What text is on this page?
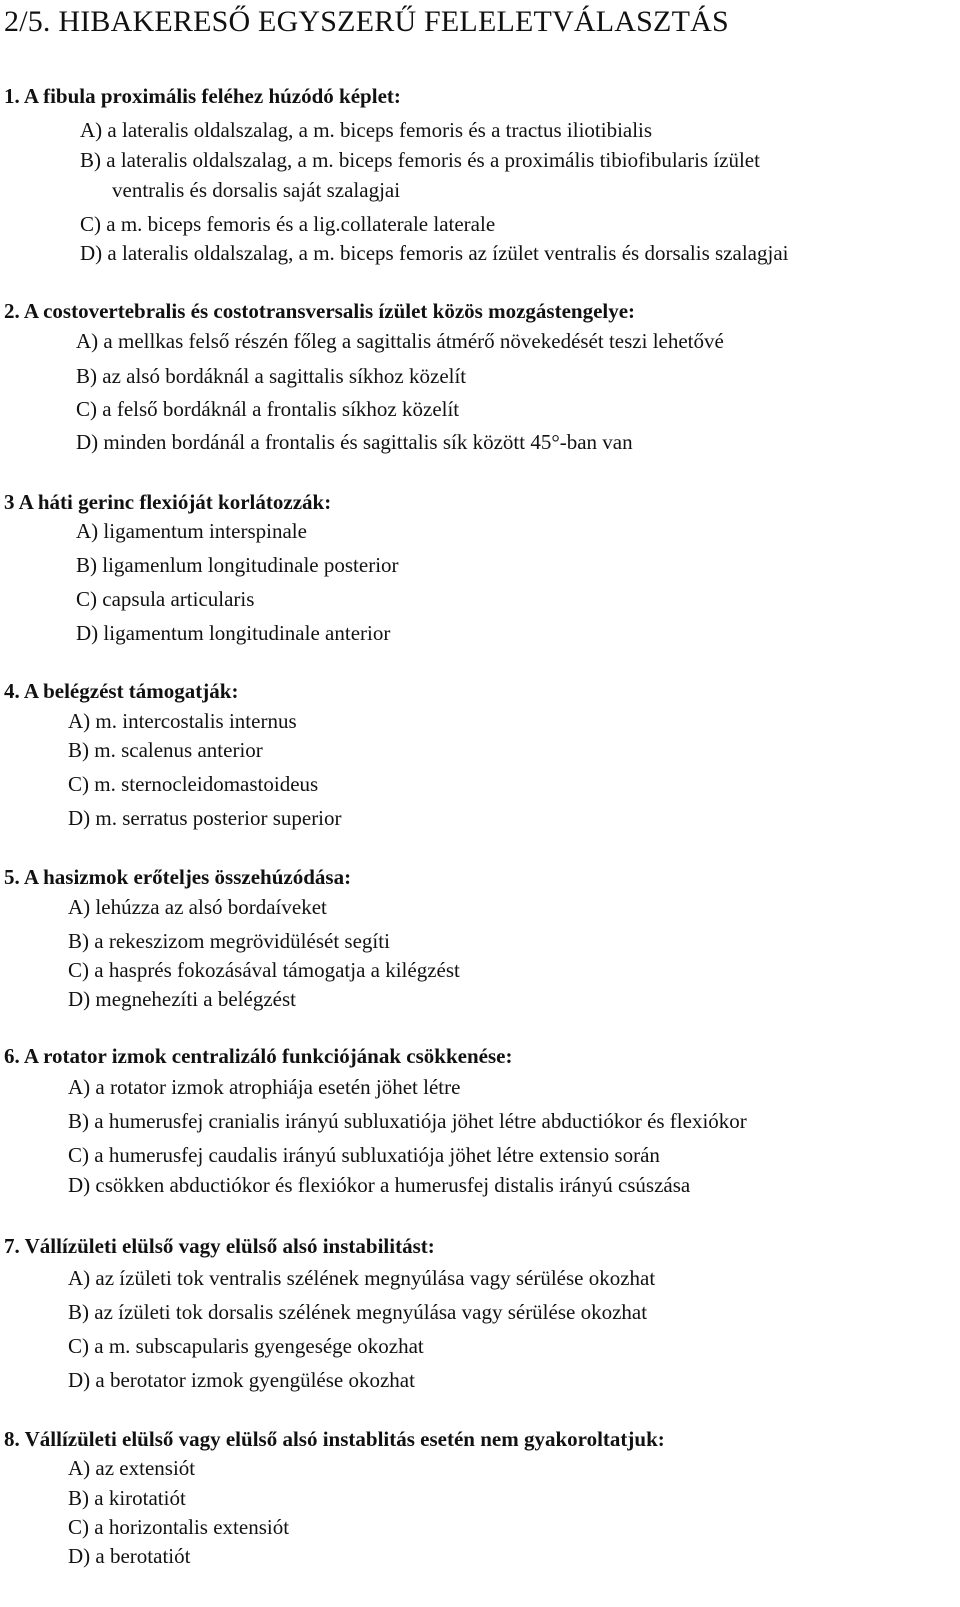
2/5. HIBAKERESŐ EGYSZERŰ FELELETVÁLASZTÁS
1. A fibula proximális feléhez húzódó képlet:
A) a lateralis oldalszalag, a m. biceps femoris és a tractus iliotibialis
B) a lateralis oldalszalag, a m. biceps femoris és a proximális tibiofibularis ízület
ventralis és dorsalis saját szalagjai
C) a m. biceps femoris és a lig.collaterale laterale
D) a lateralis oldalszalag, a m. biceps femoris az ízület ventralis és dorsalis szalagjai
2. A costovertebralis és costotransversalis ízület közös mozgástengelye:
A) a mellkas felső részén főleg a sagittalis átmérő növekedését teszi lehetővé
B) az alsó bordáknál a sagittalis síkhoz közelít
C) a felső bordáknál a frontalis síkhoz közelít
D) minden bordánál a frontalis és sagittalis sík között 45°-ban van
3 A háti gerinc flexióját korlátozzák:
A) ligamentum interspinale
B) ligamenlum longitudinale posterior
C) capsula articularis
D) ligamentum longitudinale anterior
4. A belégzést támogatják:
A) m. intercostalis internus
B) m. scalenus anterior
C) m. sternocleidomastoideus
D) m. serratus posterior superior
5. A hasizmok erőteljes összehúzódása:
A) lehúzza az alsó bordaíveket
B) a rekeszizom megrövidülését segíti
C) a hasprés fokozásával támogatja a kilégzést
D) megnehezíti a belégzést
6. A rotator izmok centralizáló funkciójának csökkenése:
A) a rotator izmok atrophiája esetén jöhet létre
B) a humerusfej cranialis irányú subluxatiója jöhet létre abductiókor és flexiókor
C) a humerusfej caudalis irányú subluxatiója jöhet létre extensio során
D) csökken abductiókor és flexiókor a humerusfej distalis irányú csúszása
7. Vállízületi elülső vagy elülső alsó instabilitást:
A) az ízületi tok ventralis szélének megnyúlása vagy sérülése okozhat
B) az ízületi tok dorsalis szélének megnyúlása vagy sérülése okozhat
C) a m. subscapularis gyengesége okozhat
D) a berotator izmok gyengülése okozhat
8. Vállízületi elülső vagy elülső alsó instablitás esetén nem gyakoroltatjuk:
A) az extensiót
B) a kirotatiót
C) a horizontalis extensiót
D) a berotatiót
